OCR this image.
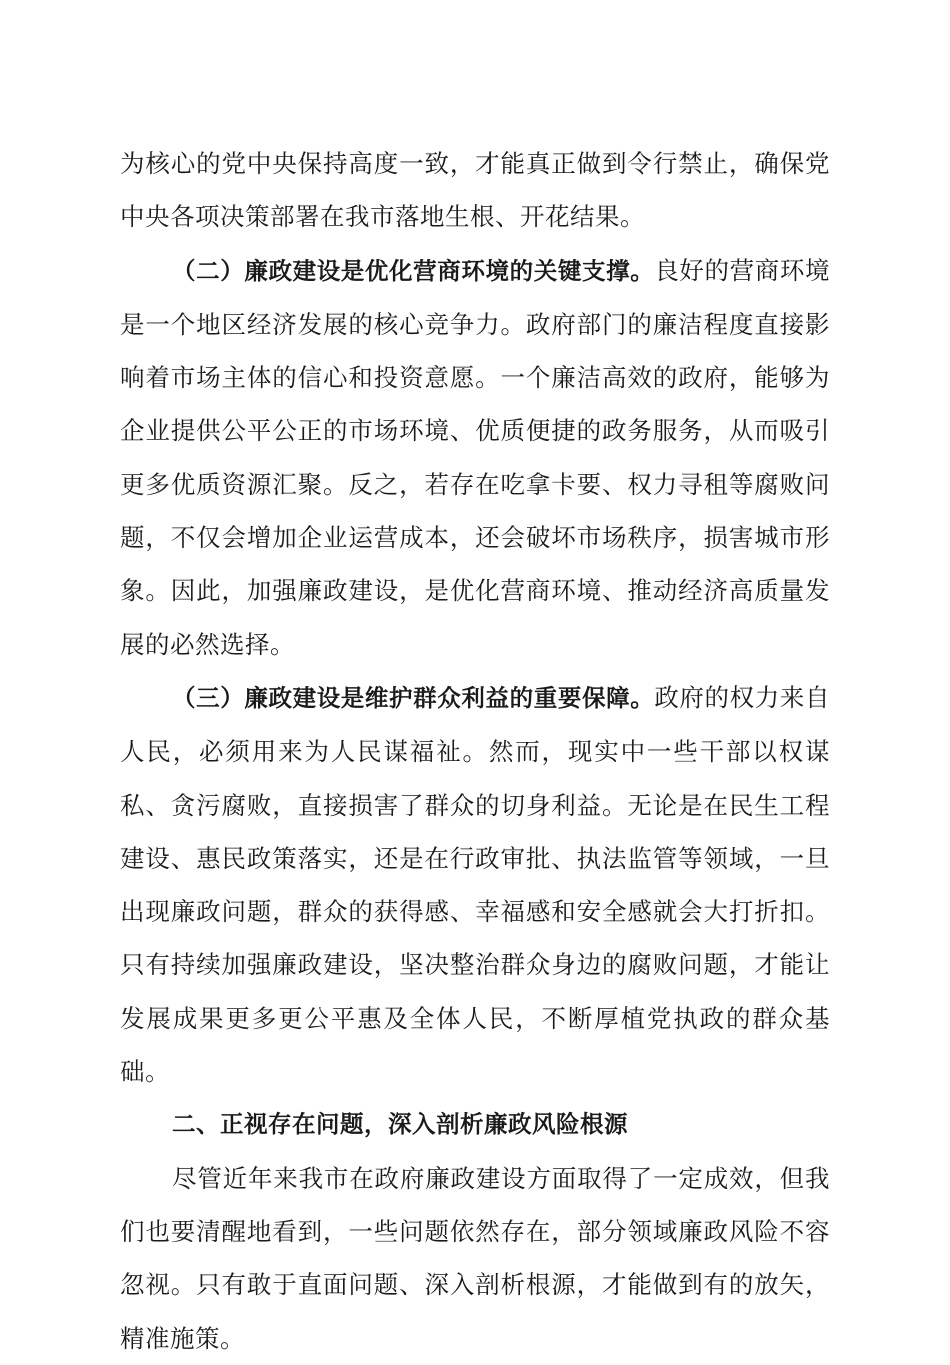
为核心的党中央保持高度一致，才能真正做到令行禁止，确保党中央各项决策部署在我市落地生根、开花结果。

（二）廉政建设是优化营商环境的关键支撑。良好的营商环境是一个地区经济发展的核心竞争力。政府部门的廉洁程度直接影响着市场主体的信心和投资意愿。一个廉洁高效的政府，能够为企业提供公平公正的市场环境、优质便捷的政务服务，从而吸引更多优质资源汇聚。反之，若存在吃拿卡要、权力寻租等腐败问题，不仅会增加企业运营成本，还会破坏市场秩序，损害城市形象。因此，加强廉政建设，是优化营商环境、推动经济高质量发展的必然选择。

（三）廉政建设是维护群众利益的重要保障。政府的权力来自人民，必须用来为人民谋福祉。然而，现实中一些干部以权谋私、贪污腐败，直接损害了群众的切身利益。无论是在民生工程建设、惠民政策落实，还是在行政审批、执法监管等领域，一旦出现廉政问题，群众的获得感、幸福感和安全感就会大打折扣。只有持续加强廉政建设，坚决整治群众身边的腐败问题，才能让发展成果更多更公平惠及全体人民，不断厚植党执政的群众基础。

二、正视存在问题，深入剖析廉政风险根源

尽管近年来我市在政府廉政建设方面取得了一定成效，但我们也要清醒地看到，一些问题依然存在，部分领域廉政风险不容忽视。只有敢于直面问题、深入剖析根源，才能做到有的放矢，精准施策。
